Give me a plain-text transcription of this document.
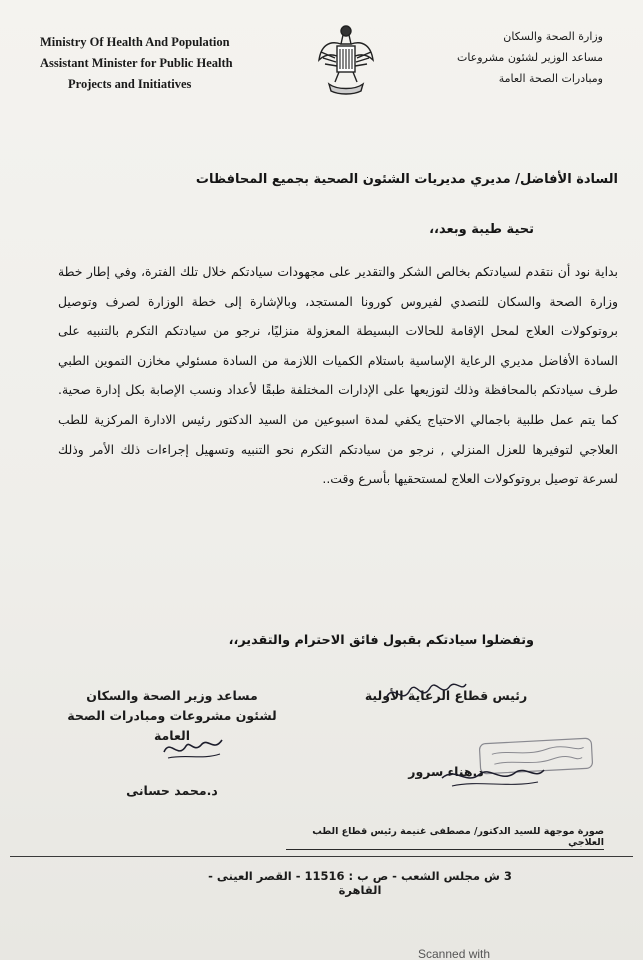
Ministry Of Health And Population
Assistant Minister for Public Health
Projects and Initiatives
وزارة الصحة والسكان
مساعد الوزير لشئون مشروعات
ومبادرات الصحة العامة
السادة الأفاضل/ مديري مديريات الشئون الصحية بجميع المحافظات
تحية طيبة وبعد،،
بداية نود أن نتقدم لسيادتكم بخالص الشكر والتقدير على مجهودات سيادتكم خلال تلك الفترة، وفي إطار خطة وزارة الصحة والسكان للتصدي لفيروس كورونا المستجد، وبالإشارة إلى خطة الوزارة لصرف وتوصيل بروتوكولات العلاج لمحل الإقامة للحالات البسيطة المعزولة منزليًا، نرجو من سيادتكم التكرم بالتنبيه على السادة الأفاضل مديري الرعاية الإساسية باستلام الكميات اللازمة من السادة مسئولي مخازن التموين الطبي طرف سيادتكم بالمحافظة وذلك لتوزيعها على الإدارات المختلفة طبقًا لأعداد ونسب الإصابة بكل إدارة صحية. كما يتم عمل طلبية باجمالي الاحتياج يكفي لمدة اسبوعين من السيد الدكتور رئيس الادارة المركزية للطب العلاجي لتوفيرها للعزل المنزلي , نرجو من سيادتكم التكرم نحو التنبيه وتسهيل إجراءات ذلك الأمر وذلك لسرعة توصيل بروتوكولات العلاج لمستحقيها بأسرع وقت..
وتفضلوا سيادتكم بقبول فائق الاحترام والتقدير،،
رئيس قطاع الرعاية الأولية
د.هناء سرور
مساعد وزير الصحة والسكان
لشئون مشروعات ومبادرات الصحة العامة
د.محمد حسانى
صورة موجهة للسيد الدكتور/ مصطفى غنيمة رئيس قطاع الطب العلاجي
3 ش مجلس الشعب - ص ب : 11516 - القصر العينى - القاهرة
Scanned with
